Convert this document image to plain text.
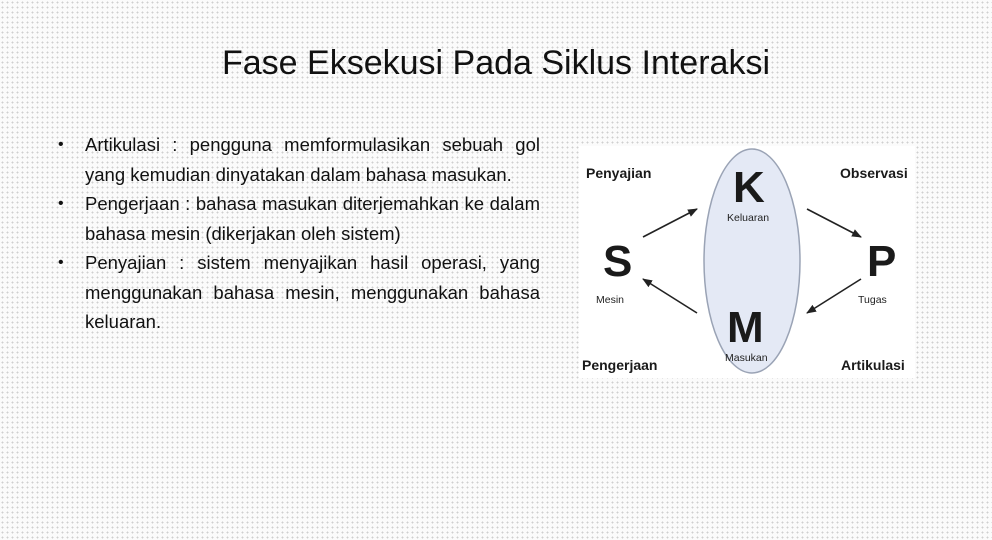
Fase Eksekusi Pada Siklus Interaksi
• Artikulasi : pengguna memformulasikan sebuah gol yang kemudian dinyatakan dalam bahasa masukan.
• Pengerjaan : bahasa masukan diterjemahkan ke dalam bahasa mesin (dikerjakan oleh sistem)
• Penyajian : sistem menyajikan hasil operasi, yang menggunakan bahasa mesin, menggunakan bahasa keluaran.
Penyajian	Observasi
Pengerjaan	Artikulasi
S
Mesin
P
Tugas
K
Keluaran
M
Masukan
